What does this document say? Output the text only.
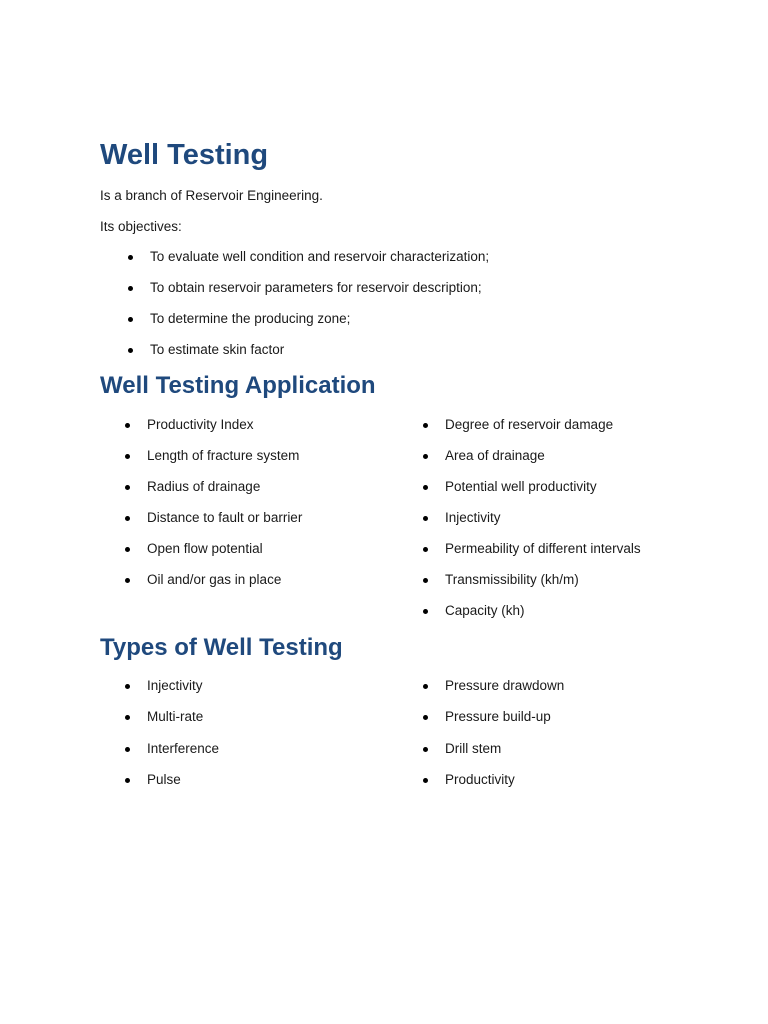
Well Testing
Is a branch of Reservoir Engineering.
Its objectives:
To evaluate well condition and reservoir characterization;
To obtain reservoir parameters for reservoir description;
To determine the producing zone;
To estimate skin factor
Well Testing Application
Productivity Index
Length of fracture system
Radius of drainage
Distance to fault or barrier
Open flow potential
Oil and/or gas in place
Degree of reservoir damage
Area of drainage
Potential well productivity
Injectivity
Permeability of different intervals
Transmissibility (kh/m)
Capacity (kh)
Types of Well Testing
Injectivity
Multi-rate
Interference
Pulse
Pressure drawdown
Pressure build-up
Drill stem
Productivity
